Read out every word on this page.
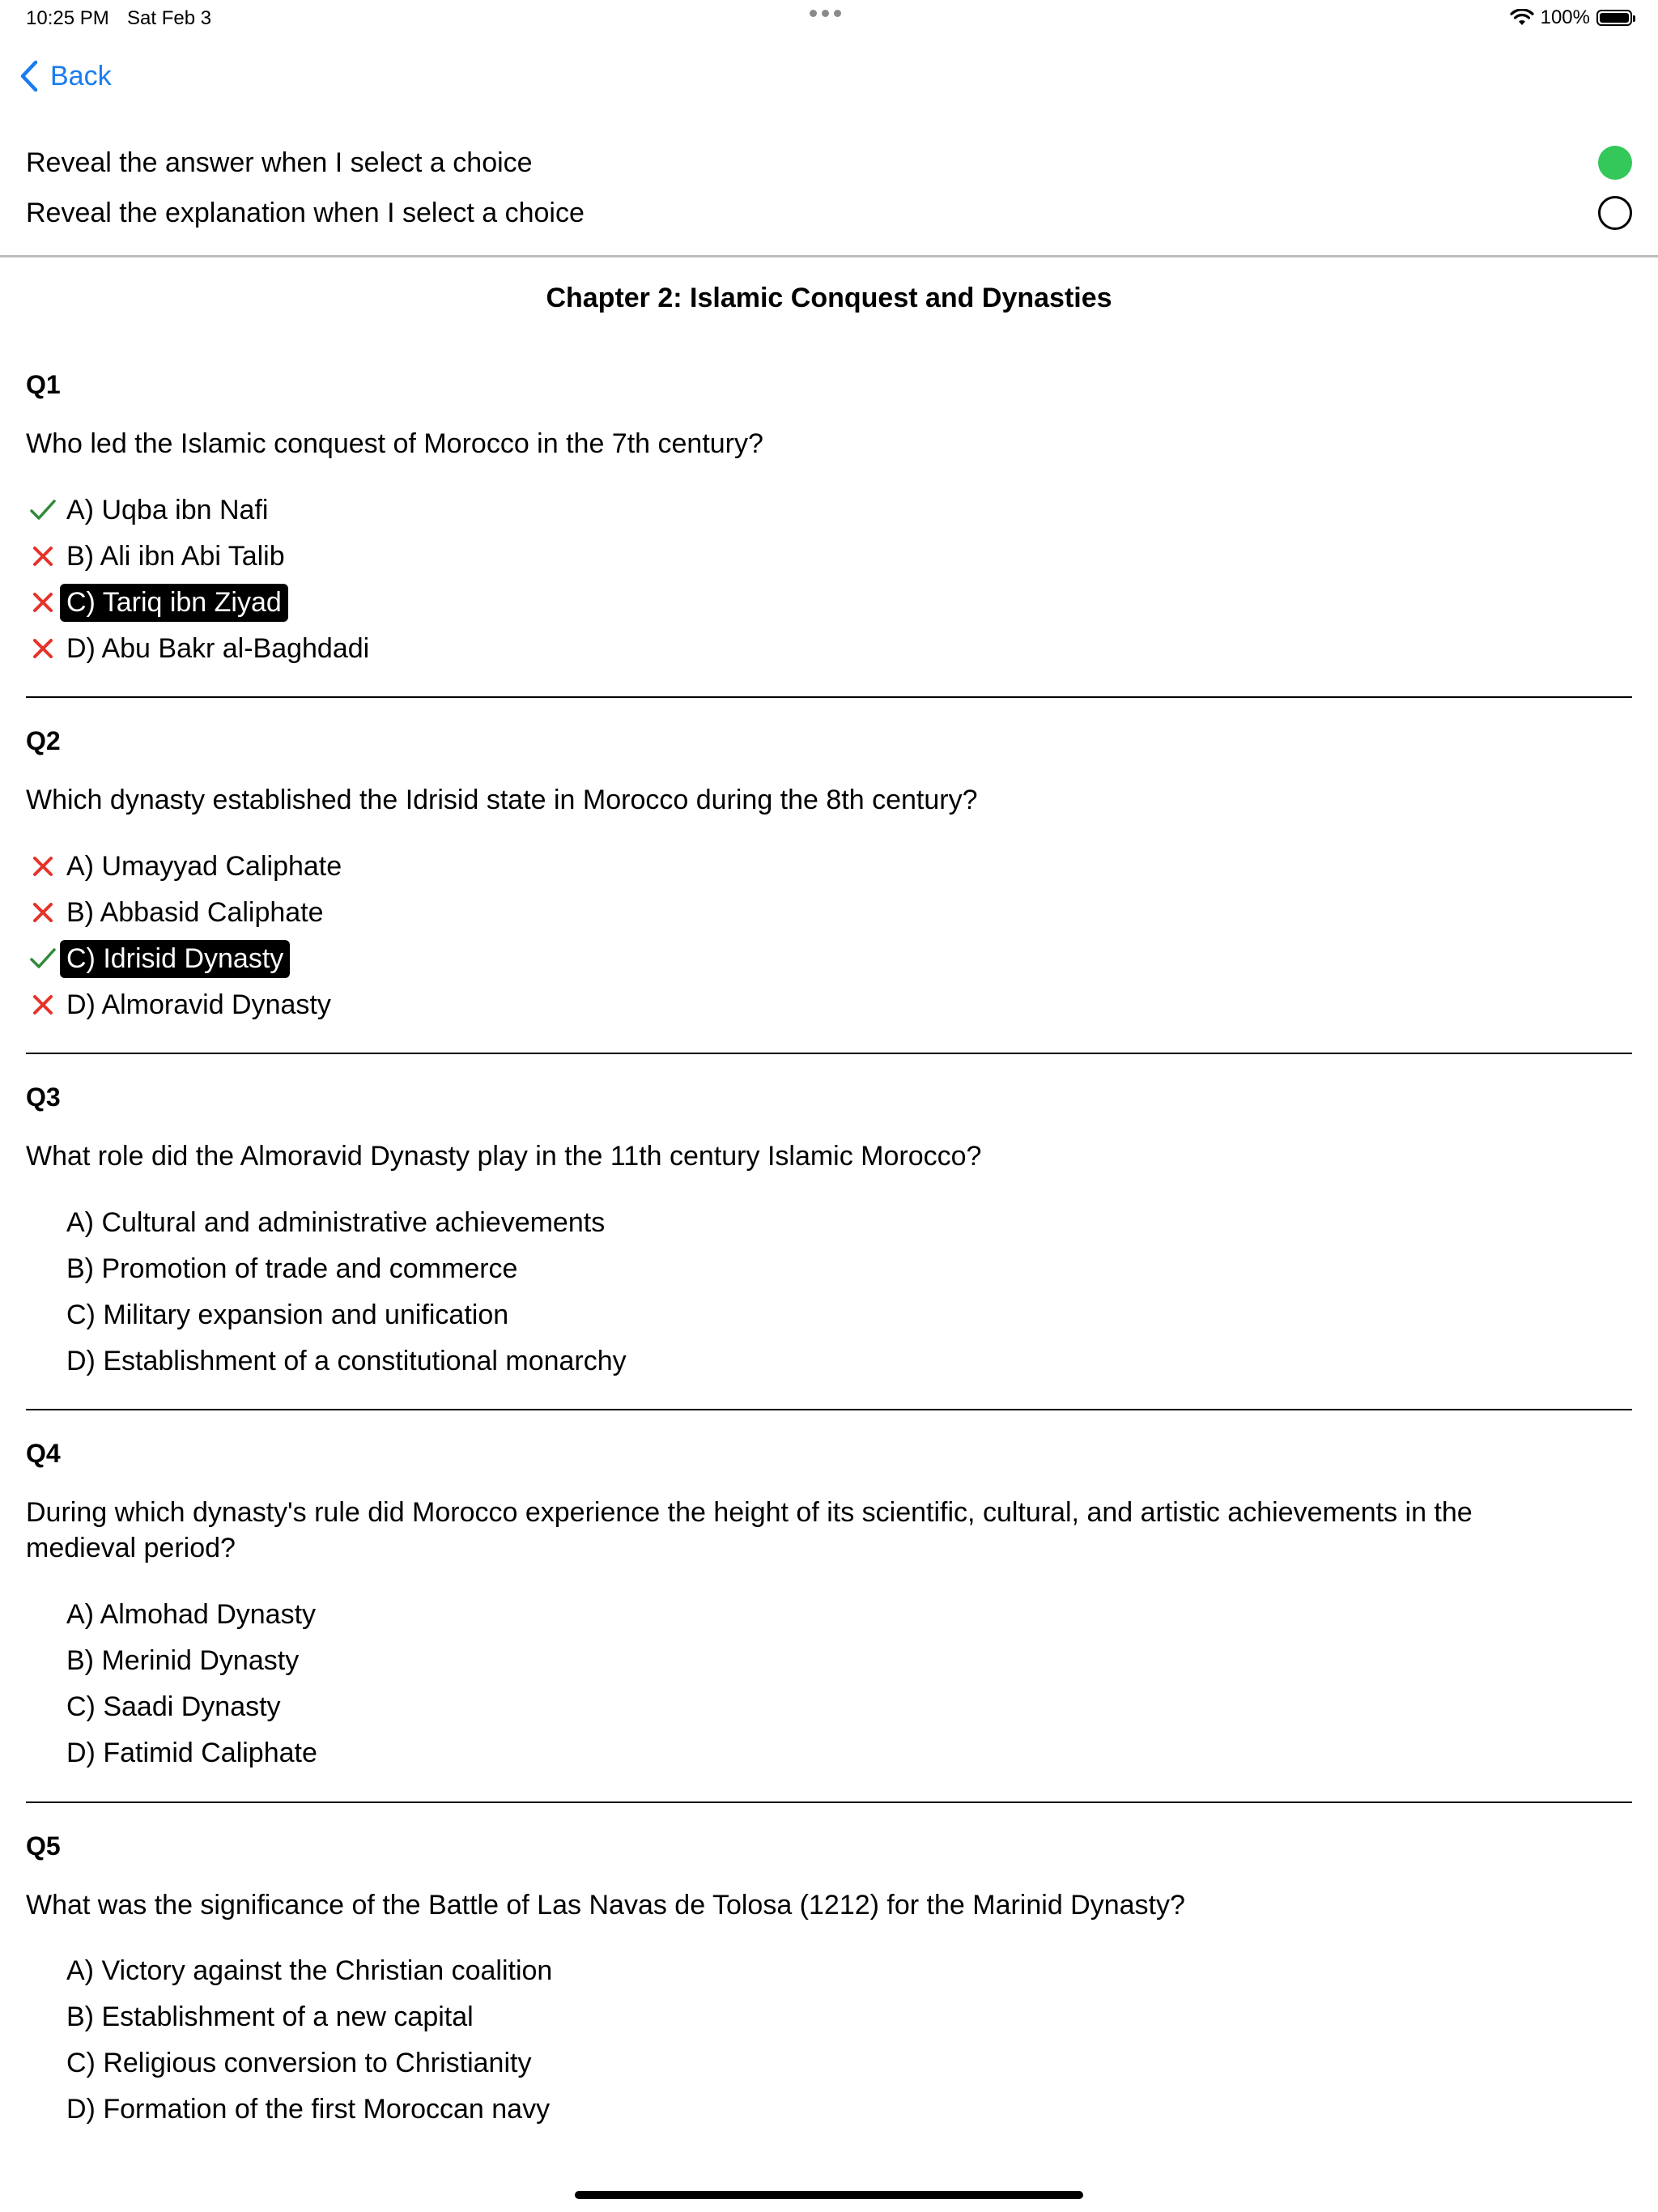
10:25 PM Sat Feb 3	100%
Back
Reveal the answer when I select a choice
Reveal the explanation when I select a choice
Chapter 2: Islamic Conquest and Dynasties
Q1
Who led the Islamic conquest of Morocco in the 7th century?
A) Uqba ibn Nafi
B) Ali ibn Abi Talib
C) Tariq ibn Ziyad
D) Abu Bakr al-Baghdadi
Q2
Which dynasty established the Idrisid state in Morocco during the 8th century?
A) Umayyad Caliphate
B) Abbasid Caliphate
C) Idrisid Dynasty
D) Almoravid Dynasty
Q3
What role did the Almoravid Dynasty play in the 11th century Islamic Morocco?
A) Cultural and administrative achievements
B) Promotion of trade and commerce
C) Military expansion and unification
D) Establishment of a constitutional monarchy
Q4
During which dynasty's rule did Morocco experience the height of its scientific, cultural, and artistic achievements in the medieval period?
A) Almohad Dynasty
B) Merinid Dynasty
C) Saadi Dynasty
D) Fatimid Caliphate
Q5
What was the significance of the Battle of Las Navas de Tolosa (1212) for the Marinid Dynasty?
A) Victory against the Christian coalition
B) Establishment of a new capital
C) Religious conversion to Christianity
D) Formation of the first Moroccan navy
